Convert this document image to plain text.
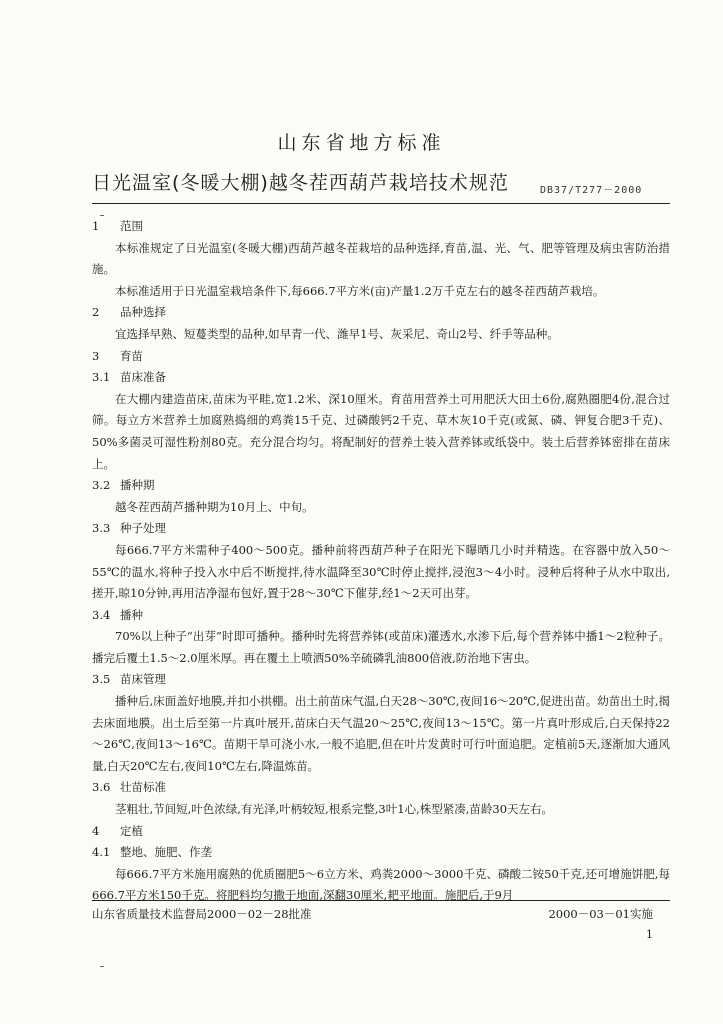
山东省地方标准
日光温室(冬暖大棚)越冬茬西葫芦栽培技术规范	DB37/T277－2000

1 范围

本标准规定了日光温室(冬暖大棚)西葫芦越冬茬栽培的品种选择,育苗,温、光、气、肥等管理及病虫害防治措施。

本标准适用于日光温室栽培条件下,每666.7平方米(亩)产量1.2万千克左右的越冬茬西葫芦栽培。

2 品种选择

宜选择早熟、短蔓类型的品种,如早青一代、潍早1号、灰采尼、奇山2号、纤手等品种。

3 育苗

3.1 苗床准备

在大棚内建造苗床,苗床为平畦,宽1.2米、深10厘米。育苗用营养土可用肥沃大田土6份,腐熟圈肥4份,混合过筛。每立方米营养土加腐熟捣细的鸡粪15千克、过磷酸钙2千克、草木灰10千克(或氮、磷、钾复合肥3千克)、50%多菌灵可湿性粉剂80克。充分混合均匀。将配制好的营养土装入营养钵或纸袋中。装土后营养钵密排在苗床上。

3.2 播种期

越冬茬西葫芦播种期为10月上、中旬。

3.3 种子处理

每666.7平方米需种子400～500克。播种前将西葫芦种子在阳光下曝晒几小时并精选。在容器中放入50～55℃的温水,将种子投入水中后不断搅拌,待水温降至30℃时停止搅拌,浸泡3～4小时。浸种后将种子从水中取出,搓开,晾10分钟,再用洁净湿布包好,置于28～30℃下催芽,经1～2天可出芽。

3.4 播种

70%以上种子“出芽”时即可播种。播种时先将营养钵(或苗床)灌透水,水渗下后,每个营养钵中播1～2粒种子。播完后覆土1.5～2.0厘米厚。再在覆土上喷洒50%辛硫磷乳油800倍液,防治地下害虫。

3.5 苗床管理

播种后,床面盖好地膜,并扣小拱棚。出土前苗床气温,白天28～30℃,夜间16～20℃,促进出苗。幼苗出土时,揭去床面地膜。出土后至第一片真叶展开,苗床白天气温20～25℃,夜间13～15℃。第一片真叶形成后,白天保持22～26℃,夜间13～16℃。苗期干旱可浇小水,一般不追肥,但在叶片发黄时可行叶面追肥。定植前5天,逐渐加大通风量,白天20℃左右,夜间10℃左右,降温炼苗。

3.6 壮苗标准

茎粗壮,节间短,叶色浓绿,有光泽,叶柄较短,根系完整,3叶1心,株型紧凑,苗龄30天左右。

4 定植

4.1 整地、施肥、作垄

每666.7平方米施用腐熟的优质圈肥5～6立方米、鸡粪2000～3000千克、磷酸二铵50千克,还可增施饼肥,每666.7平方米150千克。将肥料均匀撒于地面,深翻30厘米,耙平地面。施肥后,于9月

山东省质量技术监督局2000－02－28批准	2000－03－01实施
1
